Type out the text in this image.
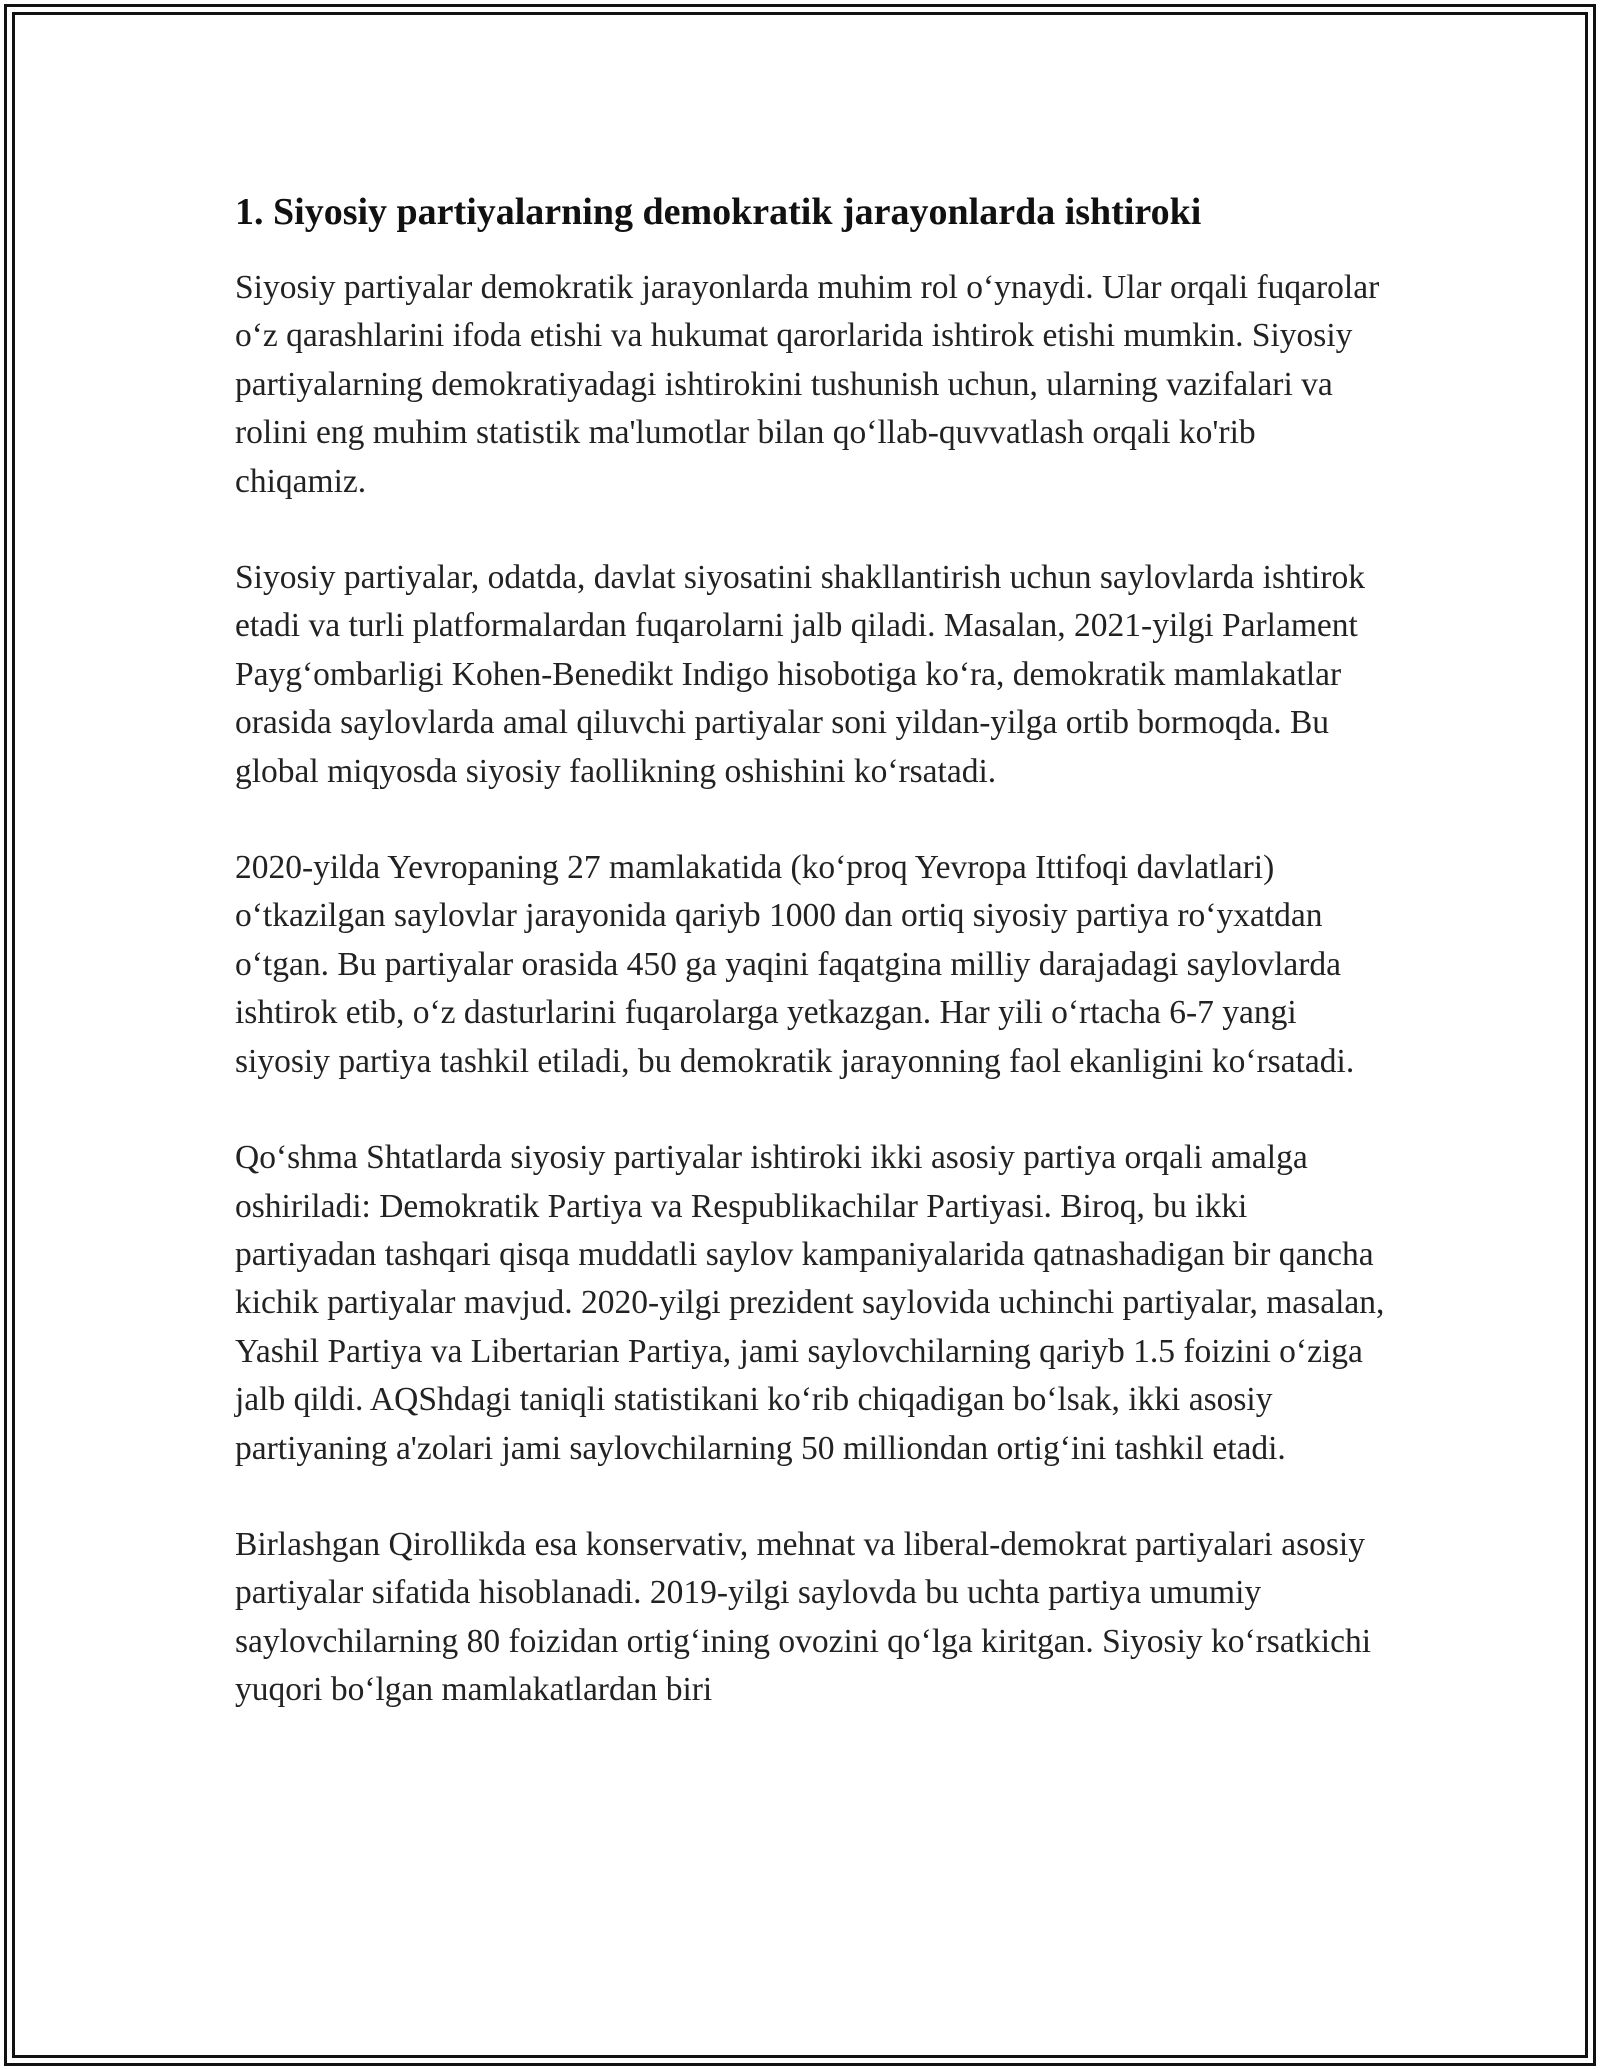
1. Siyosiy partiyalarning demokratik jarayonlarda ishtiroki

Siyosiy partiyalar demokratik jarayonlarda muhim rol oʻynaydi. Ular orqali fuqarolar oʻz qarashlarini ifoda etishi va hukumat qarorlarida ishtirok etishi mumkin. Siyosiy partiyalarning demokratiyadagi ishtirokini tushunish uchun, ularning vazifalari va rolini eng muhim statistik ma'lumotlar bilan qoʻllab-quvvatlash orqali ko'rib chiqamiz.

Siyosiy partiyalar, odatda, davlat siyosatini shakllantirish uchun saylovlarda ishtirok etadi va turli platformalardan fuqarolarni jalb qiladi. Masalan, 2021-yilgi Parlament Paygʻombarligi Kohen-Benedikt Indigo hisobotiga koʻra, demokratik mamlakatlar orasida saylovlarda amal qiluvchi partiyalar soni yildan-yilga ortib bormoqda. Bu global miqyosda siyosiy faollikning oshishini koʻrsatadi.

2020-yilda Yevropaning 27 mamlakatida (koʻproq Yevropa Ittifoqi davlatlari) oʻtkazilgan saylovlar jarayonida qariyb 1000 dan ortiq siyosiy partiya roʻyxatdan oʻtgan. Bu partiyalar orasida 450 ga yaqini faqatgina milliy darajadagi saylovlarda ishtirok etib, oʻz dasturlarini fuqarolarga yetkazgan. Har yili oʻrtacha 6-7 yangi siyosiy partiya tashkil etiladi, bu demokratik jarayonning faol ekanligini koʻrsatadi.

Qoʻshma Shtatlarda siyosiy partiyalar ishtiroki ikki asosiy partiya orqali amalga oshiriladi: Demokratik Partiya va Respublikachilar Partiyasi. Biroq, bu ikki partiyadan tashqari qisqa muddatli saylov kampaniyalarida qatnashadigan bir qancha kichik partiyalar mavjud. 2020-yilgi prezident saylovida uchinchi partiyalar, masalan, Yashil Partiya va Libertarian Partiya, jami saylovchilarning qariyb 1.5 foizini oʻziga jalb qildi. AQShdagi taniqli statistikani koʻrib chiqadigan boʻlsak, ikki asosiy partiyaning a'zolari jami saylovchilarning 50 milliondan ortigʻini tashkil etadi.

Birlashgan Qirollikda esa konservativ, mehnat va liberal-demokrat partiyalari asosiy partiyalar sifatida hisoblanadi. 2019-yilgi saylovda bu uchta partiya umumiy saylovchilarning 80 foizidan ortigʻining ovozini qoʻlga kiritgan. Siyosiy koʻrsatkichi yuqori boʻlgan mamlakatlardan biri
